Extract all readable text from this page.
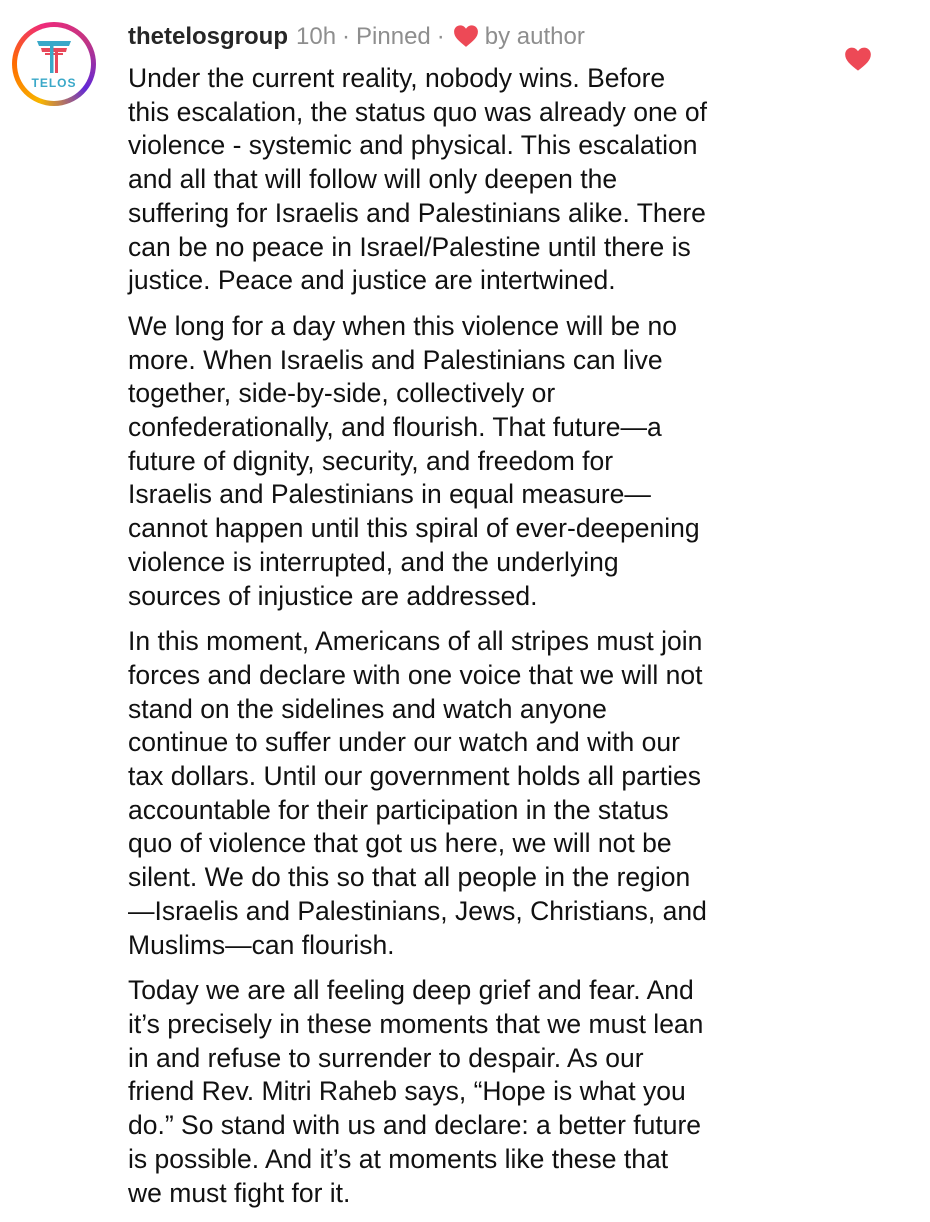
TELOS
thetelosgroup 10h · Pinned · by author

Under the current reality, nobody wins. Before
this escalation, the status quo was already one of
violence - systemic and physical. This escalation
and all that will follow will only deepen the
suffering for Israelis and Palestinians alike. There
can be no peace in Israel/Palestine until there is
justice. Peace and justice are intertwined.

We long for a day when this violence will be no
more. When Israelis and Palestinians can live
together, side-by-side, collectively or
confederationally, and flourish. That future—a
future of dignity, security, and freedom for
Israelis and Palestinians in equal measure—
cannot happen until this spiral of ever-deepening
violence is interrupted, and the underlying
sources of injustice are addressed.

In this moment, Americans of all stripes must join
forces and declare with one voice that we will not
stand on the sidelines and watch anyone
continue to suffer under our watch and with our
tax dollars. Until our government holds all parties
accountable for their participation in the status
quo of violence that got us here, we will not be
silent. We do this so that all people in the region
—Israelis and Palestinians, Jews, Christians, and
Muslims—can flourish.

Today we are all feeling deep grief and fear. And
it’s precisely in these moments that we must lean
in and refuse to surrender to despair. As our
friend Rev. Mitri Raheb says, “Hope is what you
do.” So stand with us and declare: a better future
is possible. And it’s at moments like these that
we must fight for it.
